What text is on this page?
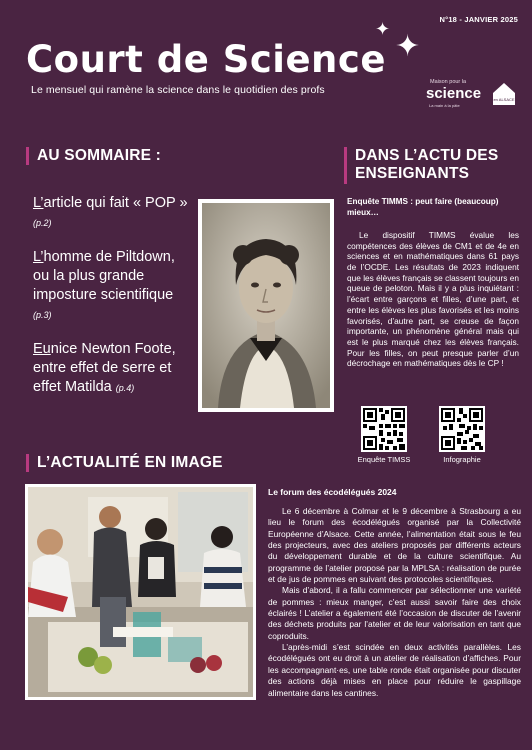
N°18 - JANVIER 2025
✦
✦
Court de Science
Le mensuel qui ramène la science dans le quotidien des profs
Maison pour la
science
La main à la pâte
en ALSACE
AU SOMMAIRE :
L’article qui fait « POP » (p.2)
L’homme de Piltdown, ou la plus grande imposture scientifique (p.3)
Eunice Newton Foote, entre effet de serre et effet Matilda (p.4)
DANS L’ACTU DES ENSEIGNANTS
Enquête TIMMS : peut faire (beaucoup) mieux…
Le dispositif TIMMS évalue les compétences des élèves de CM1 et de 4e en sciences et en mathématiques dans 61 pays de l’OCDE. Les résultats de 2023 indiquent que les élèves français se classent toujours en queue de peloton. Mais il y a plus inquiétant : l’écart entre garçons et filles, d’une part, et entre les élèves les plus favorisés et les moins favorisés, d’autre part, se creuse de façon importante, un phénomène général mais qui est le plus marqué chez les élèves français. Pour les filles, on peut presque parler d’un décrochage en mathématiques dès le CP !
Enquête TIMSS	Infographie
L’ACTUALITÉ EN IMAGE
Le forum des écodélégués 2024

Le 6 décembre à Colmar et le 9 décembre à Strasbourg a eu lieu le forum des écodélégués organisé par la Collectivité Européenne d’Alsace. Cette année, l’alimentation était sous le feu des projecteurs, avec des ateliers proposés par différents acteurs du développement durable et de la culture scientifique. Au programme de l’atelier proposé par la MPLSA : réalisation de purée et de jus de pommes en suivant des protocoles scientifiques.

Mais d’abord, il a fallu commencer par sélectionner une variété de pommes : mieux manger, c’est aussi savoir faire des choix éclairés ! L’atelier a également été l’occasion de discuter de l’avenir des déchets produits par l’atelier et de leur valorisation en tant que coproduits.

L’après-midi s’est scindée en deux activités parallèles. Les écodélégués ont eu droit à un atelier de réalisation d’affiches. Pour les accompagnant·es, une table ronde était organisée pour discuter des actions déjà mises en place pour réduire le gaspillage alimentaire dans les cantines.
